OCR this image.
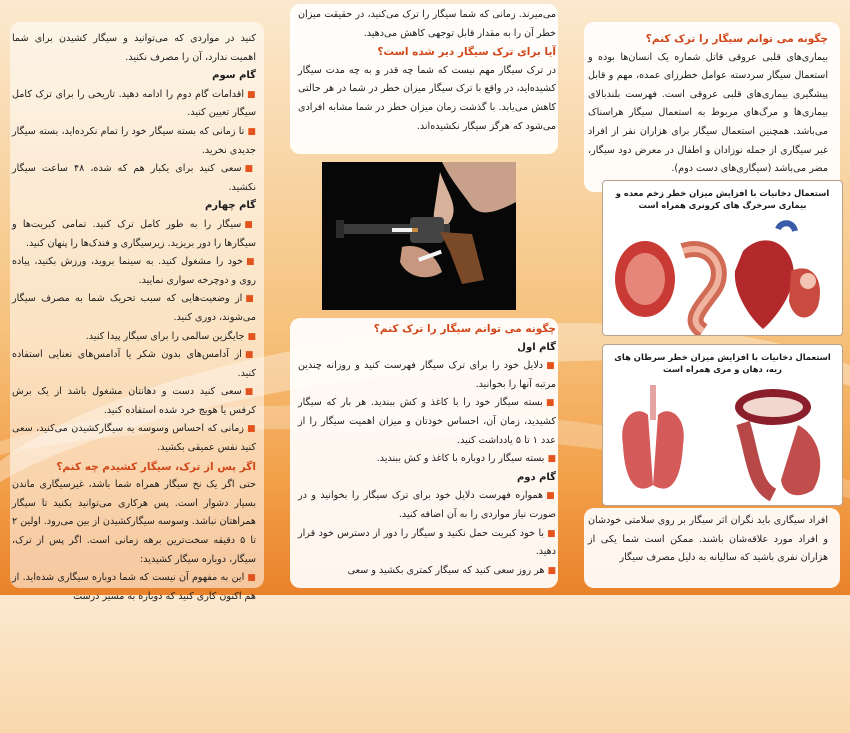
چگونه می توانم سیگار را ترک کنم؟

بیماری‌های قلبی عروقی قاتل شماره یک انسان‌ها بوده و استعمال سیگار سردسته عوامل خطرزای عمده، مهم و قابل پیشگیری بیماری‌های قلبی عروقی است. فهرست بلندبالای بیماری‌ها و مرگ‌های مربوط به استعمال سیگار هراسناک می‌باشد. همچنین استعمال سیگار برای هزاران نفر از افراد غیر سیگاری از جمله نوزادان و اطفال در معرض دود سیگار، مضر می‌باشد (سیگاری‌های دست دوم).

استعمال دخانیات با افزایش میزان خطر زخم معده و بیماری سرخرگ های کرونری همراه است
استعمال دخانیات با افزایش میزان خطر سرطان های ریه، دهان و مری همراه است

افراد سیگاری باید نگران اثر سیگار بر روی سلامتی خودشان و افراد مورد علاقه‌شان باشند. ممکن است شما یکی از هزاران نفری باشید که سالیانه به دلیل مصرف سیگار

می‌میرند. زمانی که شما سیگار را ترک می‌کنید، در حقیقت میزان خطر آن را به مقدار قابل توجهی کاهش می‌دهید.

آیا برای ترک سیگار دیر شده است؟

در ترک سیگار مهم نیست که شما چه قدر و به چه مدت سیگار کشیده‌اید، در واقع با ترک سیگار میزان خطر در شما در هر حالتی کاهش می‌یابد. با گذشت زمان میزان خطر در شما مشابه افرادی می‌شود که هرگز سیگار نکشیده‌اند.

چگونه می توانم سیگار را ترک کنم؟
گام اول

■دلایل خود را برای ترک سیگار فهرست کنید و روزانه چندین مرتبه آنها را بخوانید.

■بسته سیگار خود را با کاغذ و کش ببندید. هر بار که سیگار کشیدید، زمان آن، احساس خودتان و میزان اهمیت سیگار را از عدد ۱ تا ۵ یادداشت کنید.

■بسته سیگار را دوباره با کاغذ و کش ببندید.

گام دوم

■همواره فهرست دلایل خود برای ترک سیگار را بخوانید و در صورت نیاز مواردی را به آن اضافه کنید.

■با خود کبریت حمل نکنید و سیگار را دور از دسترس خود قرار دهید.

■هر روز سعی کنید که سیگار کمتری بکشید و سعی

کنید در مواردی که می‌توانید و سیگار کشیدن برای شما اهمیت ندارد، آن را مصرف نکنید.

گام سوم

■اقدامات گام دوم را ادامه دهید. تاریخی را برای ترک کامل سیگار تعیین کنید.

■تا زمانی که بسته سیگار خود را تمام نکرده‌اید، بسته سیگار جدیدی نخرید.

■سعی کنید برای یکبار هم که شده، ۴۸ ساعت سیگار نکشید.

گام چهارم

■سیگار را به طور کامل ترک کنید. تمامی کبریت‌ها و سیگارها را دور بریزید. زیرسیگاری و فندک‌ها را پنهان کنید.

■خود را مشغول کنید. به سینما بروید، ورزش بکنید، پیاده روی و دوچرخه سواری نمایید.

■از وضعیت‌هایی که سبب تحریک شما به مصرف سیگار می‌شوند، دوری کنید.

■جایگزین سالمی را برای سیگار پیدا کنید.

■از آدامس‌های بدون شکر یا آدامس‌های نعنایی استفاده کنید.

■سعی کنید دست و دهانتان مشغول باشد از یک برش کرفس یا هویج خرد شده استفاده کنید.

■زمانی که احساس وسوسه به سیگارکشیدن می‌کنید، سعی کنید نفس عمیقی بکشید.

اگر پس از ترک، سیگار کشیدم چه کنم؟

حتی اگر یک نخ سیگار همراه شما باشد، غیرسیگاری ماندن بسیار دشوار است. پس هرکاری می‌توانید بکنید تا سیگار همراهتان نباشد. وسوسه سیگارکشیدن از بین می‌رود. اولین ۲ تا ۵ دقیقه سخت‌ترین برهه زمانی است. اگر پس از ترک، سیگار، دوباره سیگار کشیدید:

■این به مفهوم آن نیست که شما دوباره سیگاری شده‌اید. از هم اکنون کاری کنید که دوباره به مسیر درست
